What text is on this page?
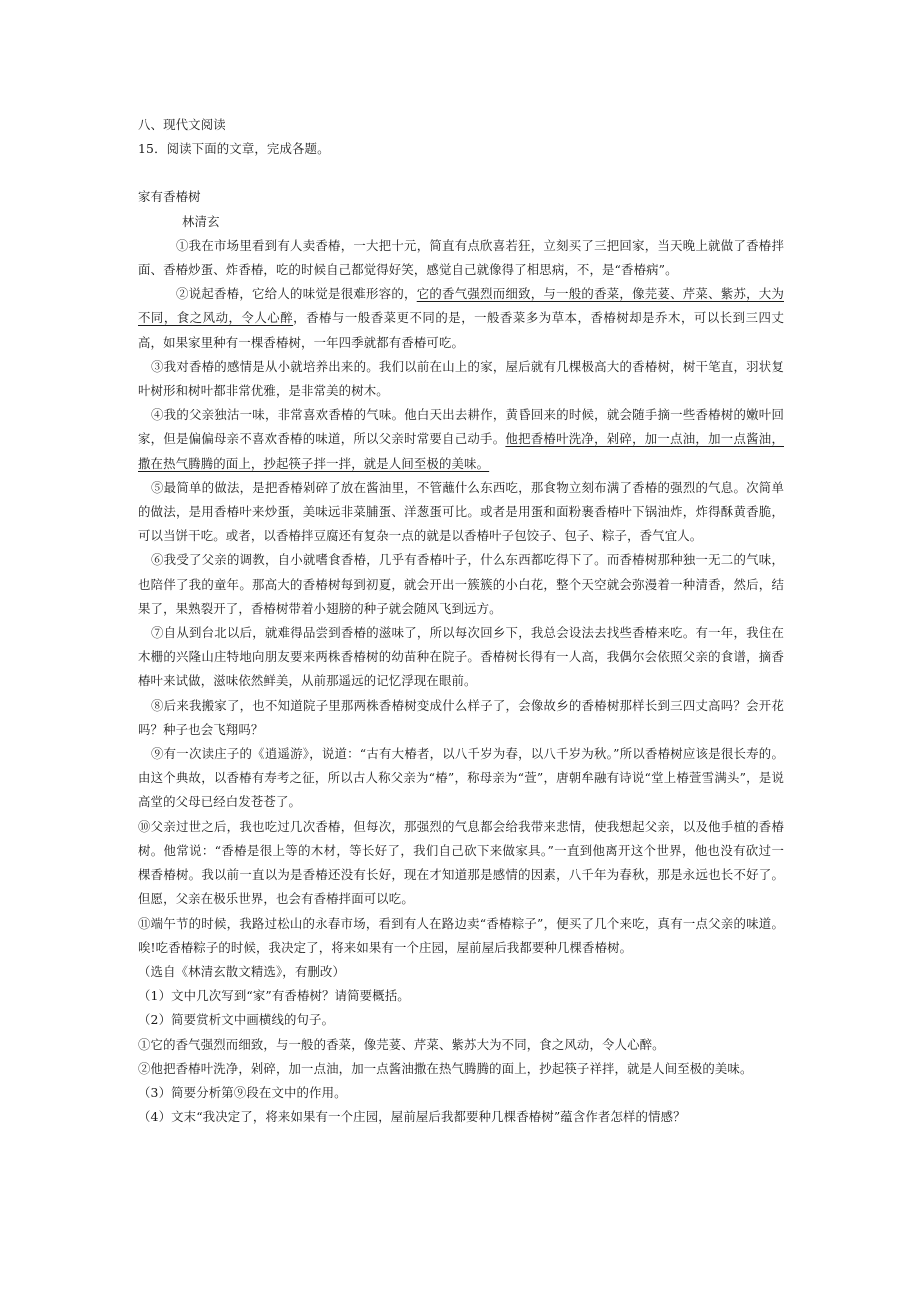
八、现代文阅读

15．阅读下面的文章，完成各题。

家有香椿树

林清玄

①我在市场里看到有人卖香椿，一大把十元，简直有点欣喜若狂，立刻买了三把回家，当天晚上就做了香椿拌面、香椿炒蛋、炸香椿，吃的时候自己都觉得好笑，感觉自己就像得了相思病，不，是“香椿病”。

②说起香椿，它给人的味觉是很难形容的，它的香气强烈而细致，与一般的香菜，像芫荽、芹菜、紫苏，大为不同，食之风动，令人心醉，香椿与一般香菜更不同的是，一般香菜多为草本，香椿树却是乔木，可以长到三四丈高，如果家里种有一棵香椿树，一年四季就都有香椿可吃。

③我对香椿的感情是从小就培养出来的。我们以前在山上的家，屋后就有几棵极高大的香椿树，树干笔直，羽状复叶树形和树叶都非常优雅，是非常美的树木。

④我的父亲独沽一味，非常喜欢香椿的气味。他白天出去耕作，黄昏回来的时候，就会随手摘一些香椿树的嫩叶回家，但是偏偏母亲不喜欢香椿的味道，所以父亲时常要自己动手。他把香椿叶洗净，剁碎，加一点油，加一点酱油，撒在热气腾腾的面上，抄起筷子拌一拌，就是人间至极的美味。

⑤最简单的做法，是把香椿剁碎了放在酱油里，不管蘸什么东西吃，那食物立刻布满了香椿的强烈的气息。次简单的做法，是用香椿叶来炒蛋，美味远非菜脯蛋、洋葱蛋可比。或者是用蛋和面粉裹香椿叶下锅油炸，炸得酥黄香脆，可以当饼干吃。或者，以香椿拌豆腐还有复杂一点的就是以香椿叶子包饺子、包子、粽子，香气宜人。

⑥我受了父亲的调教，自小就嗜食香椿，几乎有香椿叶子，什么东西都吃得下了。而香椿树那种独一无二的气味，也陪伴了我的童年。那高大的香椿树每到初夏，就会开出一簇簇的小白花，整个天空就会弥漫着一种清香，然后，结果了，果熟裂开了，香椿树带着小翅膀的种子就会随风飞到远方。

⑦自从到台北以后，就难得品尝到香椿的滋味了，所以每次回乡下，我总会设法去找些香椿来吃。有一年，我住在木栅的兴隆山庄特地向朋友要来两株香椿树的幼苗种在院子。香椿树长得有一人高，我偶尔会依照父亲的食谱，摘香椿叶来试做，滋味依然鲜美，从前那遥远的记忆浮现在眼前。

⑧后来我搬家了，也不知道院子里那两株香椿树变成什么样子了，会像故乡的香椿树那样长到三四丈高吗？会开花吗？种子也会飞翔吗？

⑨有一次读庄子的《逍遥游》，说道：“古有大椿者，以八千岁为春，以八千岁为秋。”所以香椿树应该是很长寿的。由这个典故，以香椿有寿考之征，所以古人称父亲为“椿”，称母亲为“萱”，唐朝牟融有诗说“堂上椿萱雪满头”，是说高堂的父母已经白发苍苍了。

⑩父亲过世之后，我也吃过几次香椿，但每次，那强烈的气息都会给我带来悲情，使我想起父亲，以及他手植的香椿树。他常说：“香椿是很上等的木材，等长好了，我们自己砍下来做家具。”一直到他离开这个世界，他也没有砍过一棵香椿树。我以前一直以为是香椿还没有长好，现在才知道那是感情的因素，八千年为春秋，那是永远也长不好了。但愿，父亲在极乐世界，也会有香椿拌面可以吃。

⑪端午节的时候，我路过松山的永春市场，看到有人在路边卖“香椿粽子”，便买了几个来吃，真有一点父亲的味道。唉!吃香椿粽子的时候，我决定了，将来如果有一个庄园，屋前屋后我都要种几棵香椿树。

（选自《林清玄散文精选》，有删改）

（1）文中几次写到“家”有香椿树？请简要概括。

（2）简要赏析文中画横线的句子。

①它的香气强烈而细致，与一般的香菜，像芫荽、芹菜、紫苏大为不同，食之风动，令人心醉。

②他把香椿叶洗净，剁碎，加一点油，加一点酱油撒在热气腾腾的面上，抄起筷子祥拌，就是人间至极的美味。

（3）简要分析第⑨段在文中的作用。

（4）文末“我决定了，将来如果有一个庄园，屋前屋后我都要种几棵香椿树”蕴含作者怎样的情感？
